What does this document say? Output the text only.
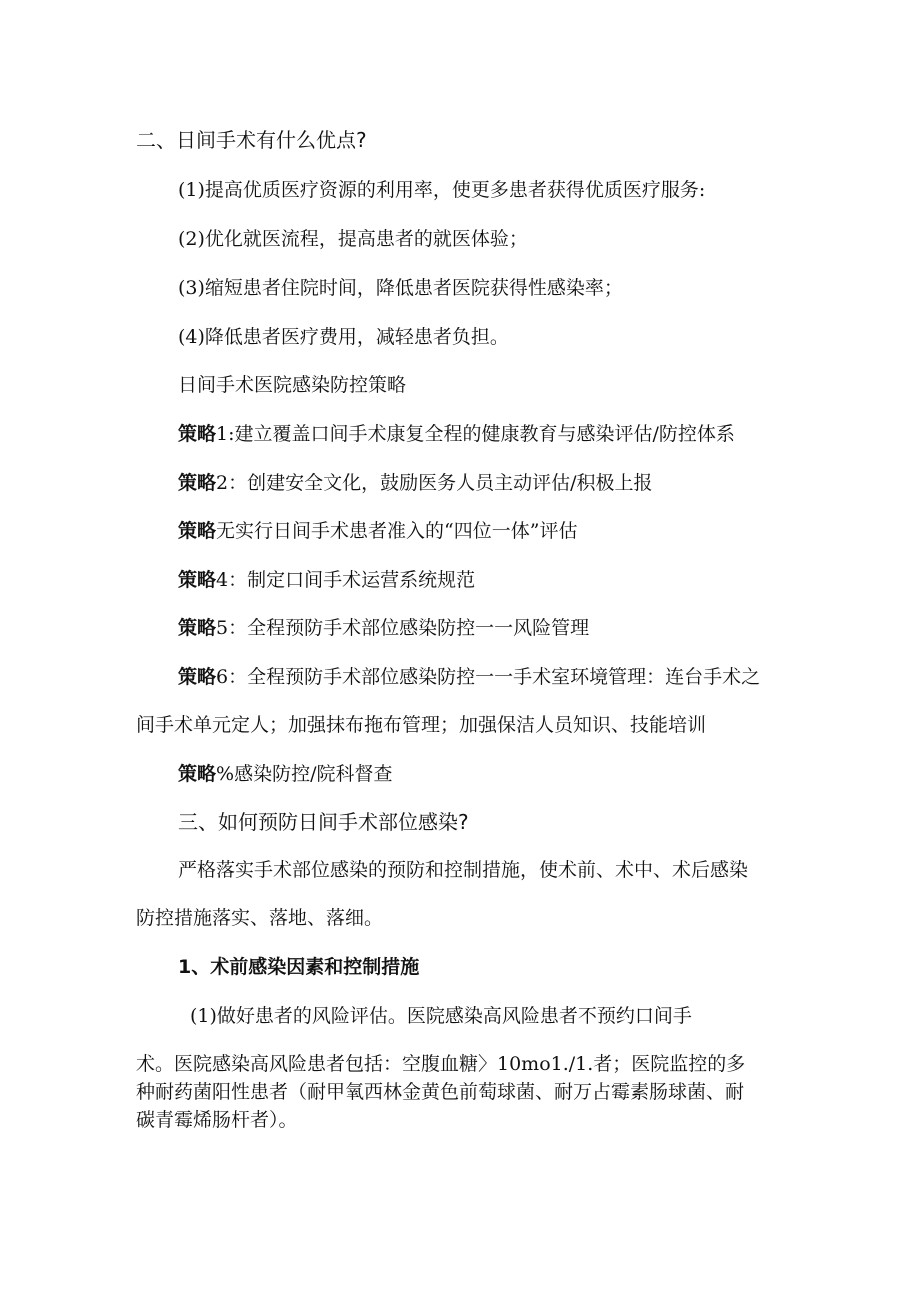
二、日间手术有什么优点?
(1)提高优质医疗资源的利用率，使更多患者获得优质医疗服务:
(2)优化就医流程，提高患者的就医体验；
(3)缩短患者住院时间，降低患者医院获得性感染率；
(4)降低患者医疗费用，减轻患者负担。
日间手术医院感染防控策略
策略1:建立覆盖口间手术康复全程的健康教育与感染评估/防控体系
策略2：创建安全文化，鼓励医务人员主动评估/积极上报
策略无实行日间手术患者准入的“四位一体”评估
策略4：制定口间手术运营系统规范
策略5：全程预防手术部位感染防控一一风险管理
策略6：全程预防手术部位感染防控一一手术室环境管理：连台手术之
间手术单元定人；加强抹布拖布管理；加强保洁人员知识、技能培训
策略%感染防控/院科督查
三、如何预防日间手术部位感染?
严格落实手术部位感染的预防和控制措施，使术前、术中、术后感染
防控措施落实、落地、落细。
1、术前感染因素和控制措施
(1)做好患者的风险评估。医院感染高风险患者不预约口间手
术。医院感染高风险患者包括：空腹血糖〉10mo1./1.者；医院监控的多
种耐药菌阳性患者（耐甲氧西林金黄色前萄球菌、耐万占霉素肠球菌、耐
碳青霉烯肠杆者）。
